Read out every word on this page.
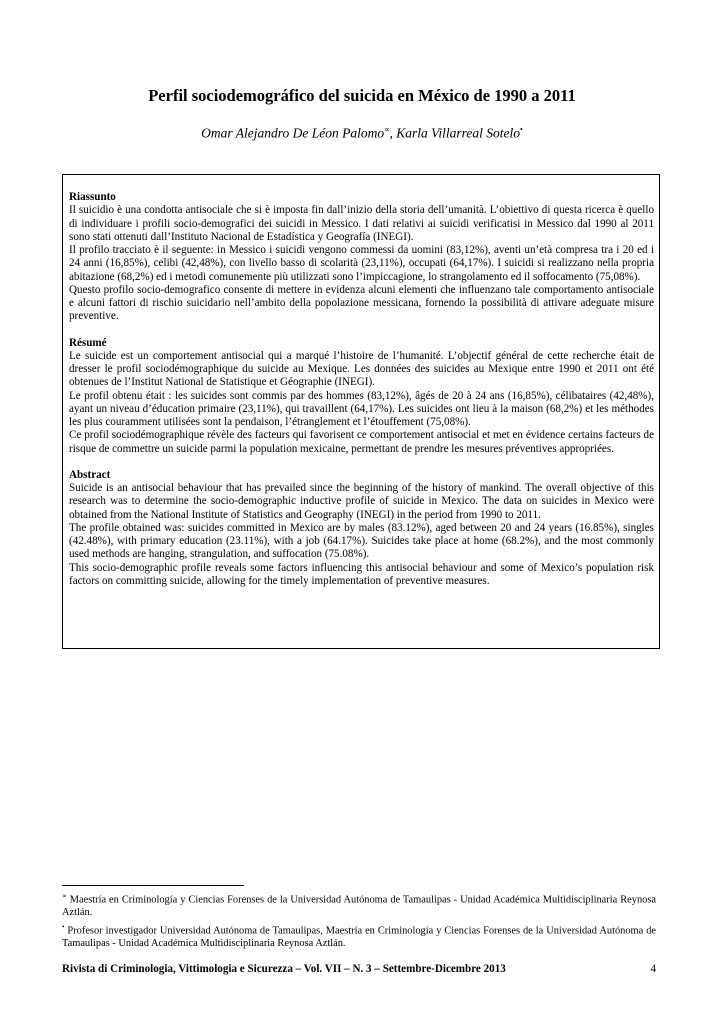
Perfil sociodemográfico del suicida en México de 1990 a 2011
Omar Alejandro De Léon Palomo∝, Karla Villarreal Sotelo•
Riassunto

Il suicidio è una condotta antisociale che si è imposta fin dall’inizio della storia dell’umanità. L’obiettivo di questa ricerca è quello di individuare i profili socio-demografici dei suicidi in Messico. I dati relativi ai suicidi verificatisi in Messico dal 1990 al 2011 sono stati ottenuti dall’Instituto Nacional de Estadística y Geografía (INEGI).

Il profilo tracciato è il seguente: in Messico i suicidi vengono commessi da uomini (83,12%), aventi un’età compresa tra i 20 ed i 24 anni (16,85%), celibi (42,48%), con livello basso di scolarità (23,11%), occupati (64,17%). I suicidi si realizzano nella propria abitazione (68,2%) ed i metodi comunemente più utilizzati sono l’impiccagione, lo strangolamento ed il soffocamento (75,08%).

Questo profilo socio-demografico consente di mettere in evidenza alcuni elementi che influenzano tale comportamento antisociale e alcuni fattori di rischio suicidario nell’ambito della popolazione messicana, fornendo la possibilità di attivare adeguate misure preventive.

Résumé

Le suicide est un comportement antisocial qui a marqué l’histoire de l’humanité. L’objectif général de cette recherche était de dresser le profil sociodémographique du suicide au Mexique. Les données des suicides au Mexique entre 1990 et 2011 ont été obtenues de l’Institut National de Statistique et Géographie (INEGI).

Le profil obtenu était : les suicides sont commis par des hommes (83,12%), âgés de 20 à 24 ans (16,85%), célibataires (42,48%), ayant un niveau d’éducation primaire (23,11%), qui travaillent (64,17%). Les suicides ont lieu à la maison (68,2%) et les méthodes les plus couramment utilisées sont la pendaison, l’étranglement et l’étouffement (75,08%).

Ce profil sociodémographique révèle des facteurs qui favorisent ce comportement antisocial et met en évidence certains facteurs de risque de commettre un suicide parmi la population mexicaine, permettant de prendre les mesures préventives appropriées.

Abstract

Suicide is an antisocial behaviour that has prevailed since the beginning of the history of mankind. The overall objective of this research was to determine the socio-demographic inductive profile of suicide in Mexico. The data on suicides in Mexico were obtained from the National Institute of Statistics and Geography (INEGI) in the period from 1990 to 2011.

The profile obtained was: suicides committed in Mexico are by males (83.12%), aged between 20 and 24 years (16.85%), singles (42.48%), with primary education (23.11%), with a job (64.17%). Suicides take place at home (68.2%), and the most commonly used methods are hanging, strangulation, and suffocation (75.08%).

This socio-demographic profile reveals some factors influencing this antisocial behaviour and some of Mexico’s population risk factors on committing suicide, allowing for the timely implementation of preventive measures.

∝ Maestría en Criminología y Ciencias Forenses de la Universidad Autónoma de Tamaulipas - Unidad Académica Multidisciplinaria Reynosa Aztlán.

• Profesor investigador Universidad Autónoma de Tamaulipas, Maestría en Criminología y Ciencias Forenses de la Universidad Autónoma de Tamaulipas - Unidad Académica Multidisciplinaria Reynosa Aztlán.

Rivista di Criminologia, Vittimologia e Sicurezza – Vol. VII – N. 3 – Settembre-Dicembre 2013	4
